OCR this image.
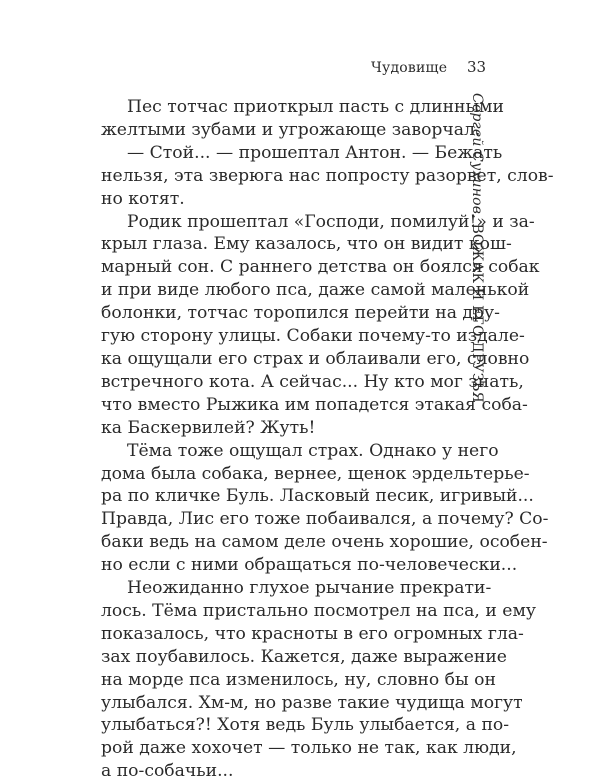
Чудовище 33
Сергей Сухинов. ВОЖАК И ЕГО ДРУЗЬЯ
Пес тотчас приоткрыл пасть с длинными
желтыми зубами и угрожающе заворчал.
— Стой... — прошептал Антон. — Бежать
нельзя, эта зверюга нас попросту разорвет, слов-
но котят.
Родик прошептал «Господи, помилуй!» и за-
крыл глаза. Ему казалось, что он видит кош-
марный сон. С раннего детства он боялся собак
и при виде любого пса, даже самой маленькой
болонки, тотчас торопился перейти на дру-
гую сторону улицы. Собаки почему-то издале-
ка ощущали его страх и облаивали его, словно
встречного кота. А сейчас... Ну кто мог знать,
что вместо Рыжика им попадется этакая соба-
ка Баскервилей? Жуть!
Тёма тоже ощущал страх. Однако у него
дома была собака, вернее, щенок эрдельтерье-
ра по кличке Буль. Ласковый песик, игривый...
Правда, Лис его тоже побаивался, а почему? Со-
баки ведь на самом деле очень хорошие, особен-
но если с ними обращаться по-человечески...
Неожиданно глухое рычание прекрати-
лось. Тёма пристально посмотрел на пса, и ему
показалось, что красноты в его огромных гла-
зах поубавилось. Кажется, даже выражение
на морде пса изменилось, ну, словно бы он
улыбался. Хм-м, но разве такие чудища могут
улыбаться?! Хотя ведь Буль улыбается, а по-
рой даже хохочет — только не так, как люди,
а по-собачьи...
